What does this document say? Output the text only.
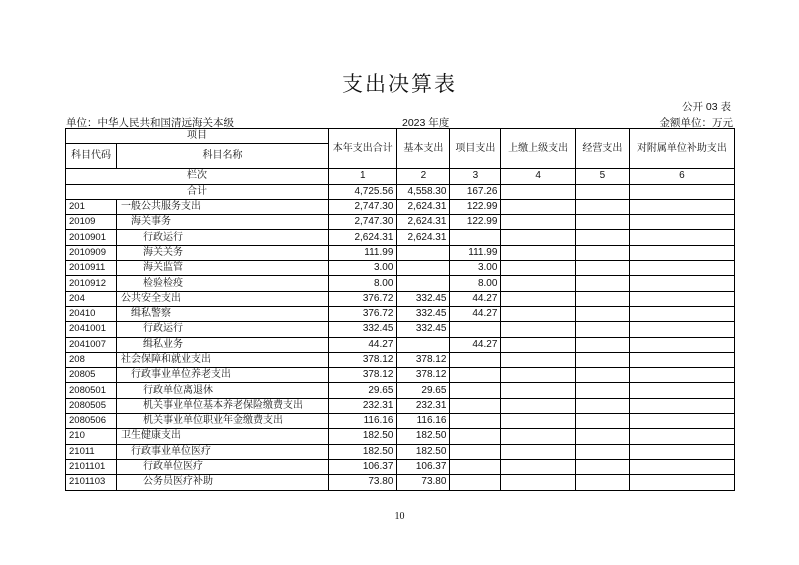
支出决算表
公开 03 表
单位：中华人民共和国清远海关本级	2023 年度	金额单位：万元
项目		本年支出合计	基本支出	项目支出	上缴上级支出	经营支出	对附属单位补助支出
科目代码	科目名称						
栏次		1	2	3	4	5	6
合计		4,725.56	4,558.30	167.26			
201	一般公共服务支出	2,747.30	2,624.31	122.99			
20109	海关事务	2,747.30	2,624.31	122.99			
2010901	行政运行	2,624.31	2,624.31				
2010909	海关关务	111.99		111.99			
2010911	海关监管	3.00		3.00			
2010912	检验检疫	8.00		8.00			
204	公共安全支出	376.72	332.45	44.27			
20410	缉私警察	376.72	332.45	44.27			
2041001	行政运行	332.45	332.45				
2041007	缉私业务	44.27		44.27			
208	社会保障和就业支出	378.12	378.12				
20805	行政事业单位养老支出	378.12	378.12				
2080501	行政单位离退休	29.65	29.65				
2080505	机关事业单位基本养老保险缴费支出	232.31	232.31				
2080506	机关事业单位职业年金缴费支出	116.16	116.16				
210	卫生健康支出	182.50	182.50				
21011	行政事业单位医疗	182.50	182.50				
2101101	行政单位医疗	106.37	106.37				
2101103	公务员医疗补助	73.80	73.80				
10
